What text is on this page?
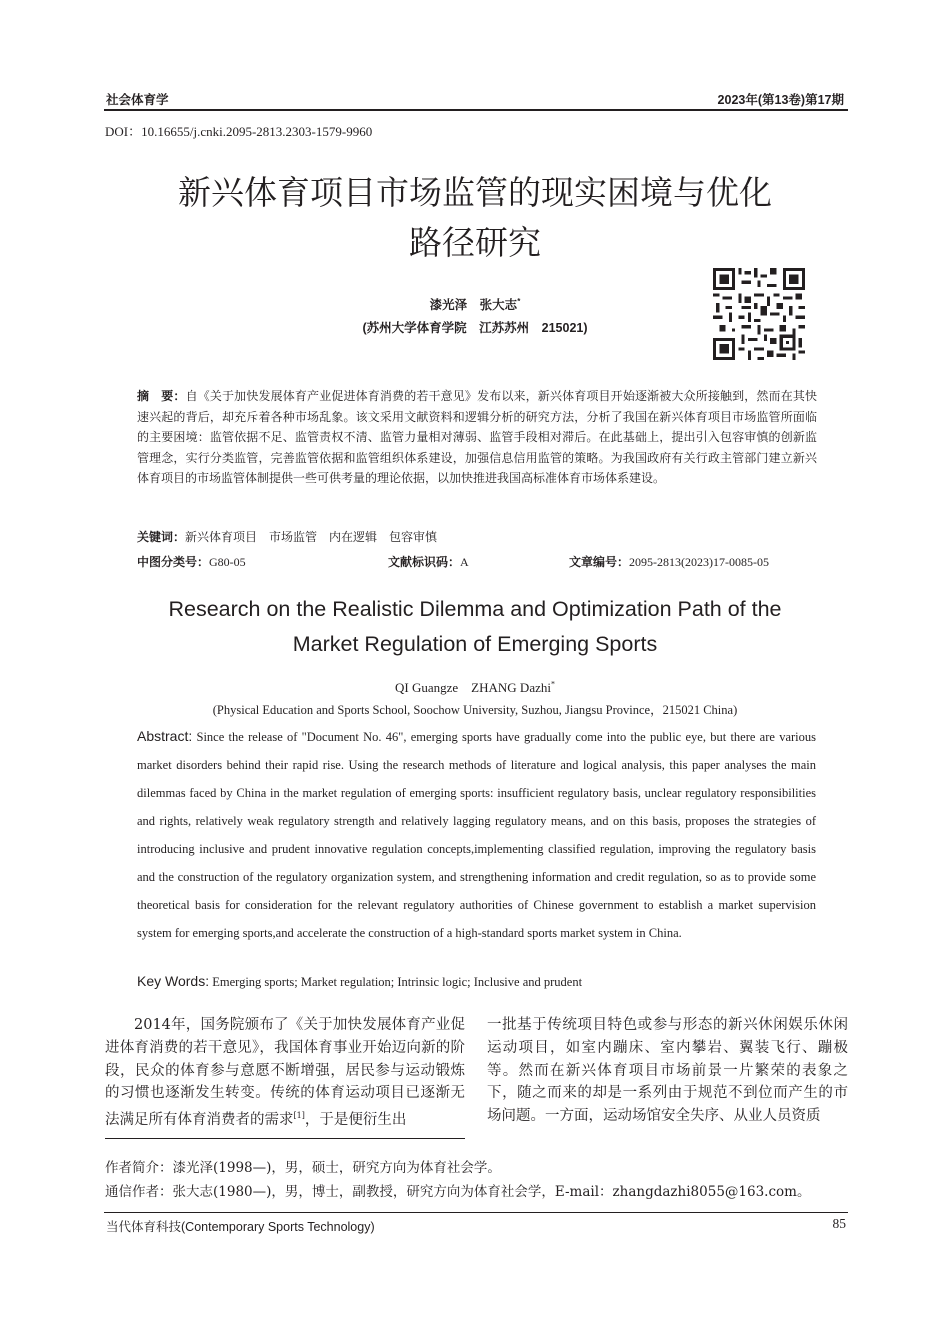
社会体育学	2023年(第13卷)第17期
DOI：10.16655/j.cnki.2095-2813.2303-1579-9960
新兴体育项目市场监管的现实困境与优化
路径研究
漆光泽　张大志*
(苏州大学体育学院　江苏苏州　215021)
摘　要：自《关于加快发展体育产业促进体育消费的若干意见》发布以来，新兴体育项目开始逐渐被大众所接触到，然而在其快速兴起的背后，却充斥着各种市场乱象。该文采用文献资料和逻辑分析的研究方法，分析了我国在新兴体育项目市场监管所面临的主要困境：监管依据不足、监管责权不清、监管力量相对薄弱、监管手段相对滞后。在此基础上，提出引入包容审慎的创新监管理念，实行分类监管，完善监管依据和监管组织体系建设，加强信息信用监管的策略。为我国政府有关行政主管部门建立新兴体育项目的市场监管体制提供一些可供考量的理论依据，以加快推进我国高标准体育市场体系建设。
关键词：新兴体育项目　市场监管　内在逻辑　包容审慎
中图分类号：G80-05	文献标识码：A	文章编号：2095-2813(2023)17-0085-05
Research on the Realistic Dilemma and Optimization Path of the
Market Regulation of Emerging Sports
QI Guangze　ZHANG Dazhi*
(Physical Education and Sports School, Soochow University, Suzhou, Jiangsu Province，215021 China)
Abstract: Since the release of "Document No. 46", emerging sports have gradually come into the public eye, but there are various market disorders behind their rapid rise. Using the research methods of literature and logical analysis, this paper analyses the main dilemmas faced by China in the market regulation of emerging sports: insufficient regulatory basis, unclear regulatory responsibilities and rights, relatively weak regulatory strength and relatively lagging regulatory means, and on this basis, proposes the strategies of introducing inclusive and prudent innovative regulation concepts,implementing classified regulation, improving the regulatory basis and the construction of the regulatory organization system, and strengthening information and credit regulation, so as to provide some theoretical basis for consideration for the relevant regulatory authorities of Chinese government to establish a market supervision system for emerging sports,and accelerate the construction of a high-standard sports market system in China.
Key Words: Emerging sports; Market regulation; Intrinsic logic; Inclusive and prudent
2014年，国务院颁布了《关于加快发展体育产业促进体育消费的若干意见》，我国体育事业开始迈向新的阶段，民众的体育参与意愿不断增强，居民参与运动锻炼的习惯也逐渐发生转变。传统的体育运动项目已逐渐无法满足所有体育消费者的需求[1]，于是便衍生出
一批基于传统项目特色或参与形态的新兴休闲娱乐休闲运动项目，如室内蹦床、室内攀岩、翼装飞行、蹦极等。然而在新兴体育项目市场前景一片繁荣的表象之下，随之而来的却是一系列由于规范不到位而产生的市场问题。一方面，运动场馆安全失序、从业人员资质
作者简介：漆光泽(1998—)，男，硕士，研究方向为体育社会学。
通信作者：张大志(1980—)，男，博士，副教授，研究方向为体育社会学，E-mail：zhangdazhi8055@163.com。
当代体育科技(Contemporary Sports Technology)	85
